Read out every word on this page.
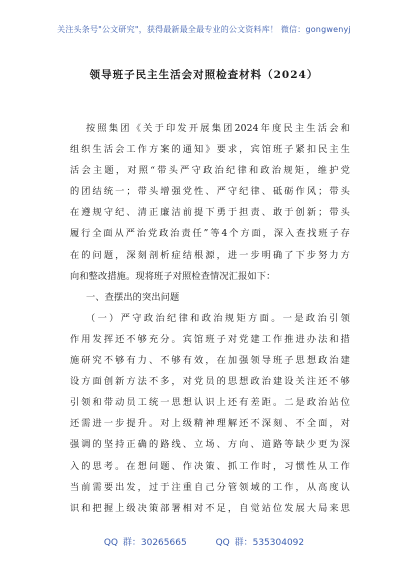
关注头条号"公文研究"，获得最新最全最专业的公文资料库！ 微信：gongwenyj
领导班子民主生活会对照检查材料（2024）
按照集团《关于印发开展集团2024年度民主生活会和
组织生活会工作方案的通知》要求，宾馆班子紧扣民主生
活会主题，对照“带头严守政治纪律和政治规矩，维护党
的团结统一；带头增强党性、严守纪律、砥砺作风；带头
在遵规守纪、清正廉洁前提下勇于担责、敢于创新；带头
履行全面从严治党政治责任”等4个方面，深入查找班子存
在的问题，深刻剖析症结根源，进一步明确了下步努力方
向和整改措施。现将班子对照检查情况汇报如下：
一、查摆出的突出问题
（一）严守政治纪律和政治规矩方面。一是政治引领
作用发挥还不够充分。宾馆班子对党建工作推进办法和措
施研究不够有力、不够有效，在加强领导班子思想政治建
设方面创新方法不多，对党员的思想政治建设关注还不够
引领和带动员工统一思想认识上还有差距。二是政治站位
还需进一步提升。对上级精神理解还不深刻、不全面，对
强调的坚持正确的路线、立场、方向、道路等缺少更为深
入的思考。在想问题、作决策、抓工作时，习惯性从工作
当前需要出发，过于注重自己分管领域的工作，从高度认
识和把握上级决策部署相对不足，自觉站位发展大局来思
QQ 群：30265665	QQ 群：535304092
